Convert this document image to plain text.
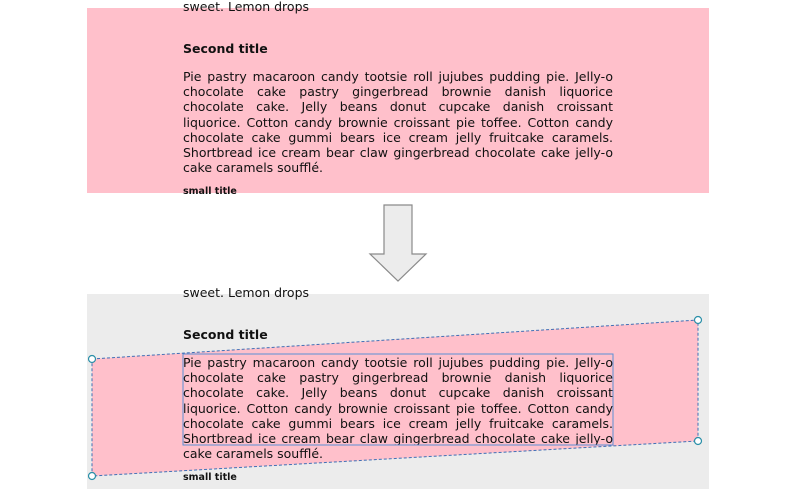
sweet. Lemon drops
Second title

Pie pastry macaroon candy tootsie roll jujubes pudding pie. Jelly-o chocolate cake pastry gingerbread brownie danish liquorice chocolate cake. Jelly beans donut cupcake danish croissant liquorice. Cotton candy brownie croissant pie toffee. Cotton candy chocolate cake gummi bears ice cream jelly fruitcake caramels. Shortbread ice cream bear claw gingerbread chocolate cake jelly-o cake caramels soufflé.

small title
sweet. Lemon drops
Second title

Pie pastry macaroon candy tootsie roll jujubes pudding pie. Jelly-o chocolate cake pastry gingerbread brownie danish liquorice chocolate cake. Jelly beans donut cupcake danish croissant liquorice. Cotton candy brownie croissant pie toffee. Cotton candy chocolate cake gummi bears ice cream jelly fruitcake caramels. Shortbread ice cream bear claw gingerbread chocolate cake jelly-o cake caramels soufflé.

small title
